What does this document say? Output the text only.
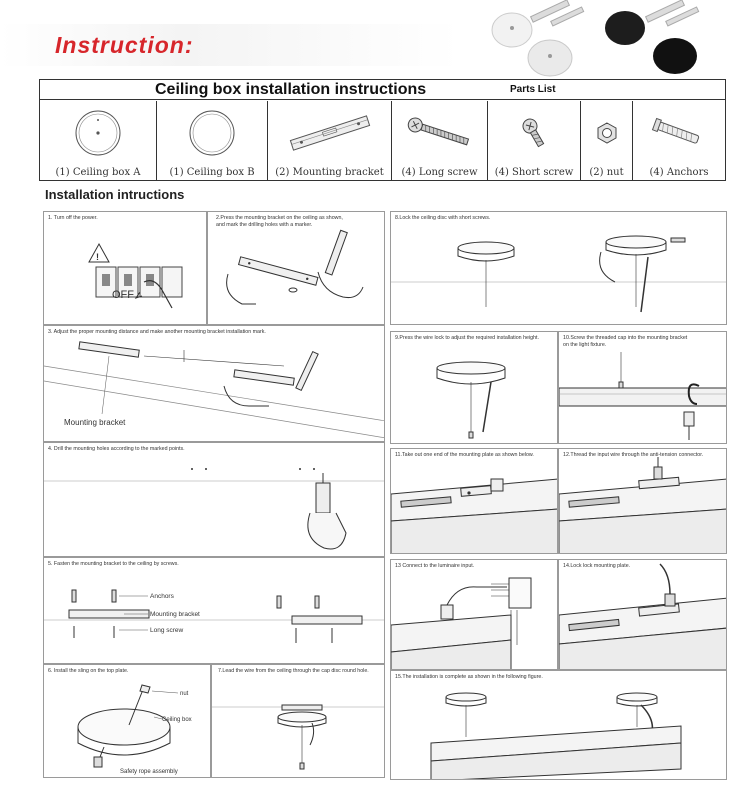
Instruction:
Ceiling box installation instructions	Parts List
(1) Ceiling box A	(1) Ceiling box B	(2) Mounting bracket	(4) Long screw	(4) Short screw	(2) nut	(4) Anchors
Installation intructions
1. Turn off the power.
!
OFF
2.Press the mounting bracket on the ceiling as shown,
and mark the drilling holes with a marker.
3. Adjust the proper mounting distance and make another mounting bracket installation mark.
Mounting bracket
4. Drill the mounting holes according to the marked points.
5. Fasten the mounting bracket to the ceiling by screws.
Anchors
Mounting bracket
Long screw
6. Install the sling on the top plate.
nut
Ceiling box
Safety rope assembly
7.Lead the wire from the ceiling through the cap disc round hole.
8.Lock the ceiling disc with short screws.
9.Press the wire lock to adjust the required installation height.	10.Screw the threaded cap into the mounting bracket
on the light fixture.
11.Take out one end of the mounting plate as shown below.	12.Thread the input wire through the anti-tension connector.
13 Connect to the luminaire input.	14.Lock lock mounting plate.
15.The installation is complete as shown in the following figure.
